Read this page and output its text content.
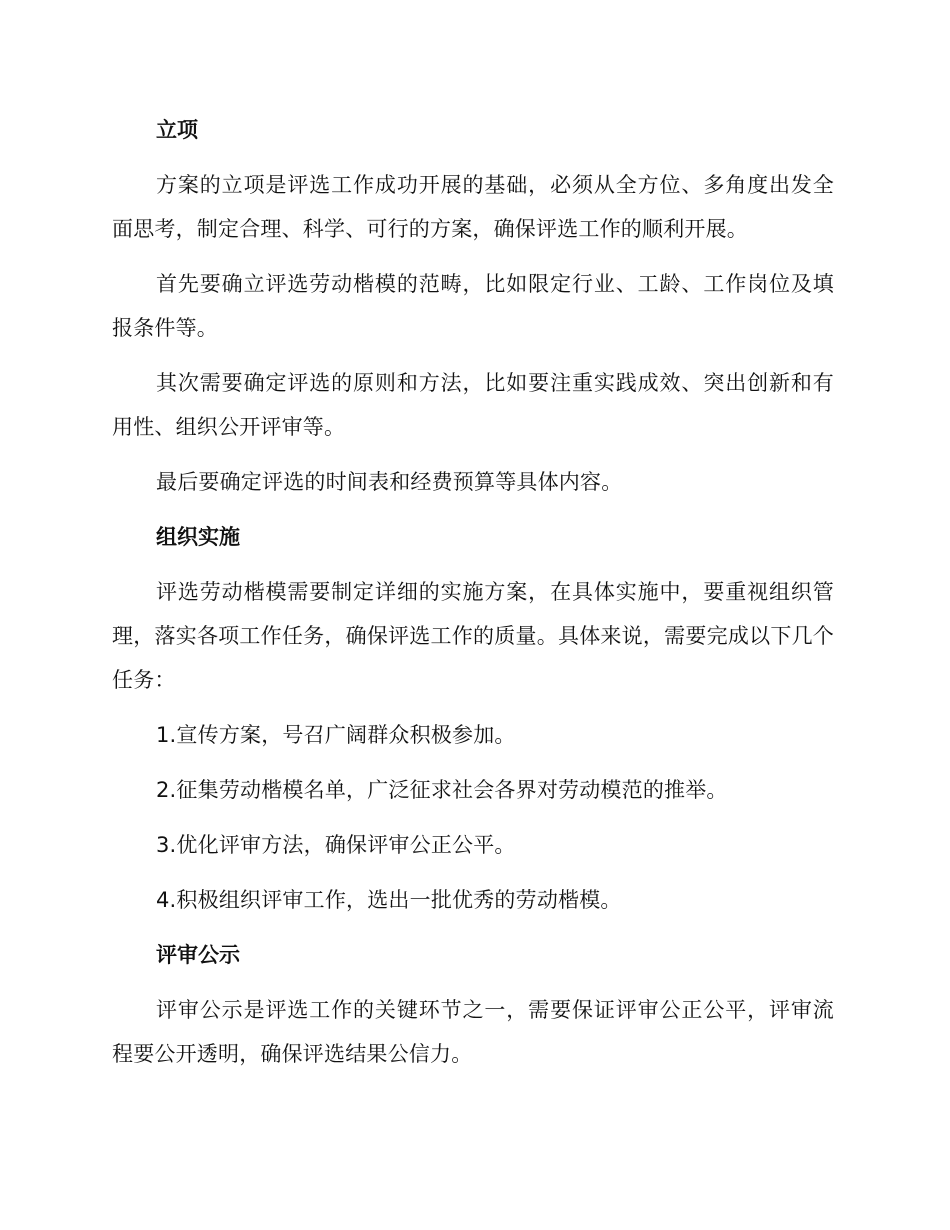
立项

方案的立项是评选工作成功开展的基础，必须从全方位、多角度出发全面思考，制定合理、科学、可行的方案，确保评选工作的顺利开展。

首先要确立评选劳动楷模的范畴，比如限定行业、工龄、工作岗位及填报条件等。

其次需要确定评选的原则和方法，比如要注重实践成效、突出创新和有用性、组织公开评审等。

最后要确定评选的时间表和经费预算等具体内容。

组织实施

评选劳动楷模需要制定详细的实施方案，在具体实施中，要重视组织管理，落实各项工作任务，确保评选工作的质量。具体来说，需要完成以下几个任务：

1.宣传方案，号召广阔群众积极参加。

2.征集劳动楷模名单，广泛征求社会各界对劳动模范的推举。

3.优化评审方法，确保评审公正公平。

4.积极组织评审工作，选出一批优秀的劳动楷模。

评审公示

评审公示是评选工作的关键环节之一，需要保证评审公正公平，评审流程要公开透明，确保评选结果公信力。
